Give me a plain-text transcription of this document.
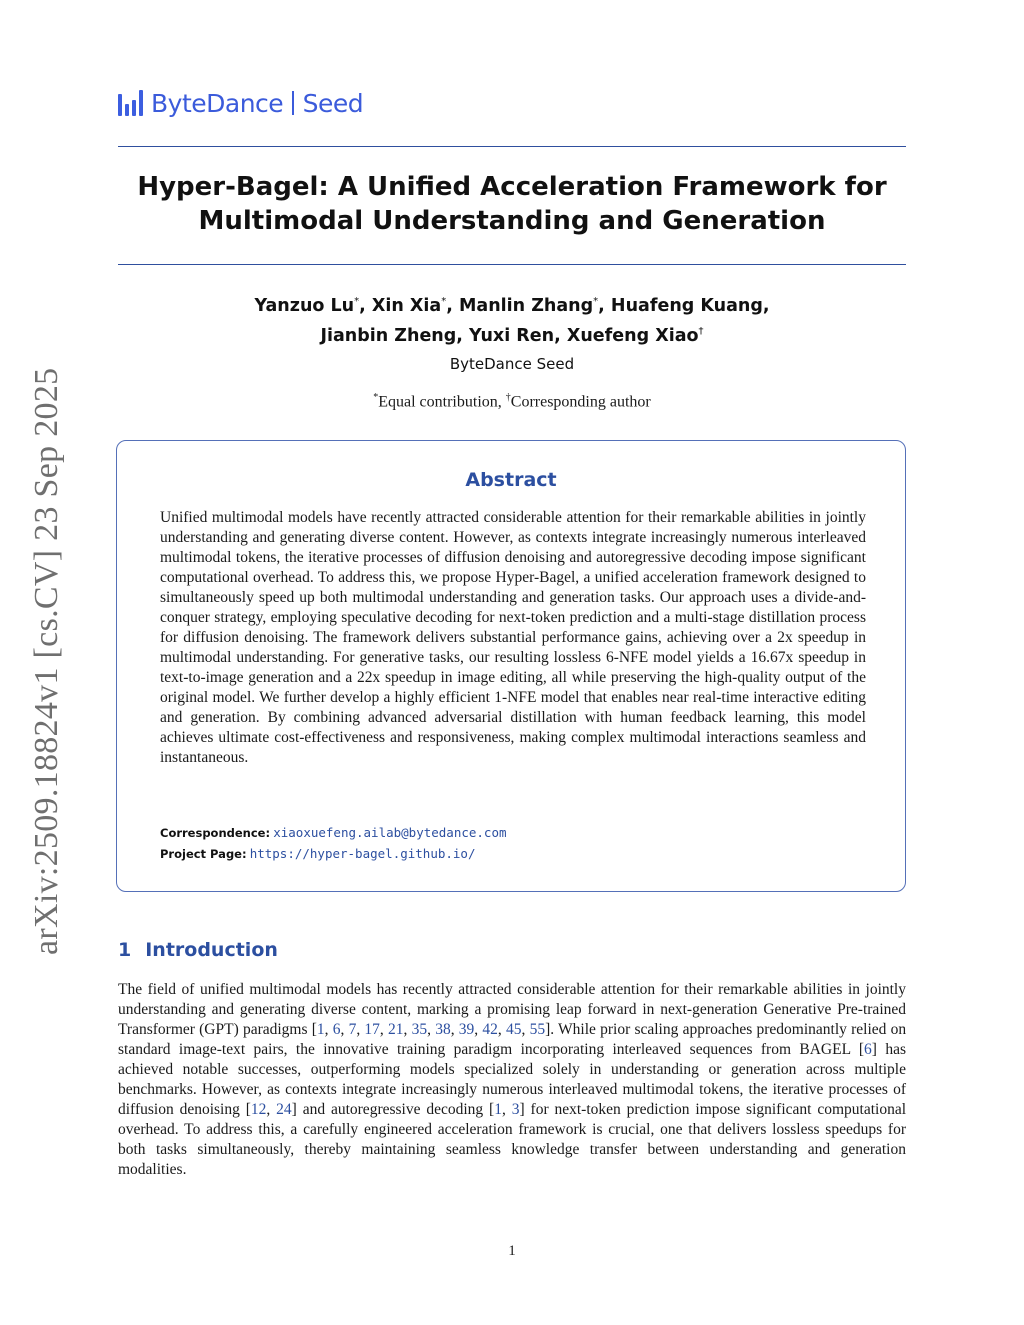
ByteDance Seed
Hyper-Bagel: A Unified Acceleration Framework for Multimodal Understanding and Generation
Yanzuo Lu*, Xin Xia*, Manlin Zhang*, Huafeng Kuang,
Jianbin Zheng, Yuxi Ren, Xuefeng Xiao†
ByteDance Seed
*Equal contribution, †Corresponding author
Abstract
Unified multimodal models have recently attracted considerable attention for their remarkable abilities in jointly understanding and generating diverse content. However, as contexts integrate increasingly numerous interleaved multimodal tokens, the iterative processes of diffusion denoising and autoregressive decoding impose significant computational overhead. To address this, we propose Hyper-Bagel, a unified acceleration framework designed to simultaneously speed up both multimodal understanding and generation tasks. Our approach uses a divide-and-conquer strategy, employing speculative decoding for next-token prediction and a multi-stage distillation process for diffusion denoising. The framework delivers substantial performance gains, achieving over a 2x speedup in multimodal understanding. For generative tasks, our resulting lossless 6-NFE model yields a 16.67x speedup in text-to-image generation and a 22x speedup in image editing, all while preserving the high-quality output of the original model. We further develop a highly efficient 1-NFE model that enables near real-time interactive editing and generation. By combining advanced adversarial distillation with human feedback learning, this model achieves ultimate cost-effectiveness and responsiveness, making complex multimodal interactions seamless and instantaneous.
Correspondence: xiaoxuefeng.ailab@bytedance.com
Project Page: https://hyper-bagel.github.io/
arXiv:2509.18824v1 [cs.CV] 23 Sep 2025	1 Introduction
The field of unified multimodal models has recently attracted considerable attention for their remarkable abilities in jointly understanding and generating diverse content, marking a promising leap forward in next-generation Generative Pre-trained Transformer (GPT) paradigms [1, 6, 7, 17, 21, 35, 38, 39, 42, 45, 55]. While prior scaling approaches predominantly relied on standard image-text pairs, the innovative training paradigm incorporating interleaved sequences from BAGEL [6] has achieved notable successes, outperforming models specialized solely in understanding or generation across multiple benchmarks. However, as contexts integrate increasingly numerous interleaved multimodal tokens, the iterative processes of diffusion denoising [12, 24] and autoregressive decoding [1, 3] for next-token prediction impose significant computational overhead. To address this, a carefully engineered acceleration framework is crucial, one that delivers lossless speedups for both tasks simultaneously, thereby maintaining seamless knowledge transfer between understanding and generation modalities.
1
